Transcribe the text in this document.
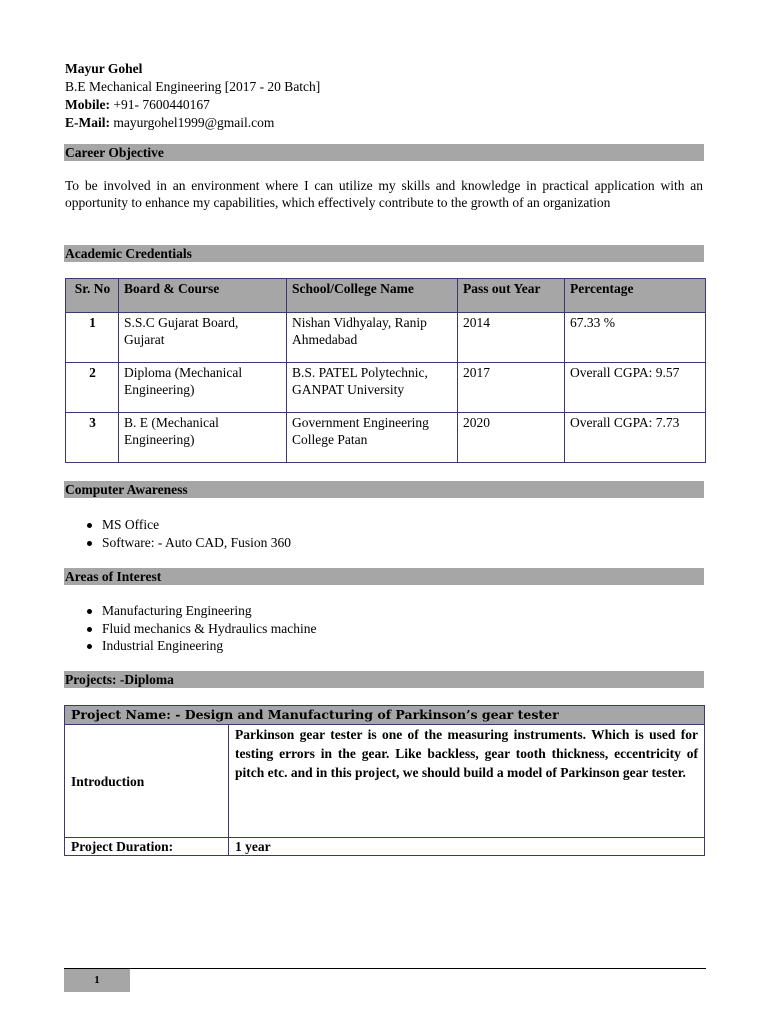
Mayur Gohel
B.E Mechanical Engineering [2017 - 20 Batch]
Mobile: +91- 7600440167
E-Mail: mayurgohel1999@gmail.com
Career Objective
To be involved in an environment where I can utilize my skills and knowledge in practical application with an opportunity to enhance my capabilities, which effectively contribute to the growth of an organization
Academic Credentials
Sr. No	Board & Course	School/College Name	Pass out Year	Percentage
1	S.S.C Gujarat Board, Gujarat	Nishan Vidhyalay, Ranip Ahmedabad	2014	67.33 %
2	Diploma (Mechanical Engineering)	B.S. PATEL Polytechnic, GANPAT University	2017	Overall CGPA: 9.57
3	B. E (Mechanical Engineering)	Government Engineering College Patan	2020	Overall CGPA: 7.73
Computer Awareness
MS Office
Software: - Auto CAD, Fusion 360
Areas of Interest
Manufacturing Engineering
Fluid mechanics & Hydraulics machine
Industrial Engineering
Projects: -Diploma
Project Name: - Design and Manufacturing of Parkinson’s gear tester	
Introduction	Parkinson gear tester is one of the measuring instruments. Which is used for testing errors in the gear. Like backless, gear tooth thickness, eccentricity of pitch etc. and in this project, we should build a model of Parkinson gear tester.
Project Duration:	1 year
1
